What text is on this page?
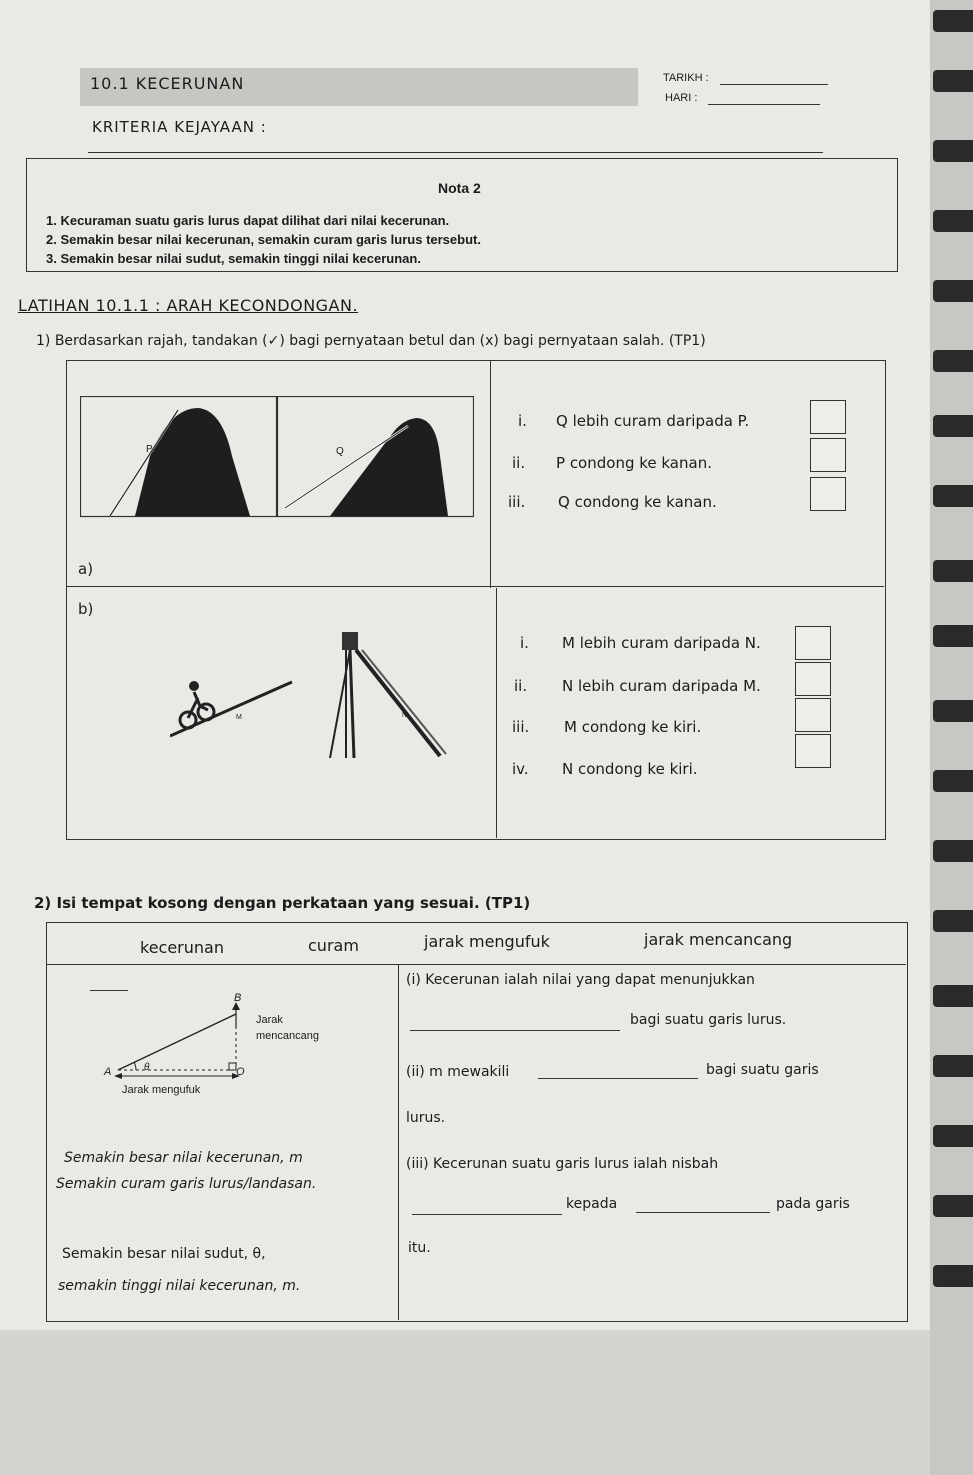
10.1 KECERUNAN	TARIKH :
HARI :
KRITERIA KEJAYAAN :
Nota 2
1. Kecuraman suatu garis lurus dapat dilihat dari nilai kecerunan.
2. Semakin besar nilai kecerunan, semakin curam garis lurus tersebut.
3. Semakin besar nilai sudut, semakin tinggi nilai kecerunan.
LATIHAN 10.1.1 : ARAH KECONDONGAN.
1) Berdasarkan rajah, tandakan (✓) bagi pernyataan betul dan (x) bagi pernyataan salah. (TP1)
P	Q
a)
i. Q lebih curam daripada P.
ii. P condong ke kanan.
iii. Q condong ke kanan.
b)
M	N
i. M lebih curam daripada N.
ii. N lebih curam daripada M.
iii. M condong ke kiri.
iv. N condong ke kiri.
2) Isi tempat kosong dengan perkataan yang sesuai. (TP1)
kecerunan	curam	jarak mengufuk	jarak mencancang
B
Jarak
mencancang
θ
A	O
Jarak mengufuk
Semakin besar nilai kecerunan, m
Semakin curam garis lurus/landasan.
Semakin besar nilai sudut, θ,
semakin tinggi nilai kecerunan, m.
(i) Kecerunan ialah nilai yang dapat menunjukkan
bagi suatu garis lurus.
(ii) m mewakili	bagi suatu garis
lurus.
(iii) Kecerunan suatu garis lurus ialah nisbah
kepada	pada garis
itu.
